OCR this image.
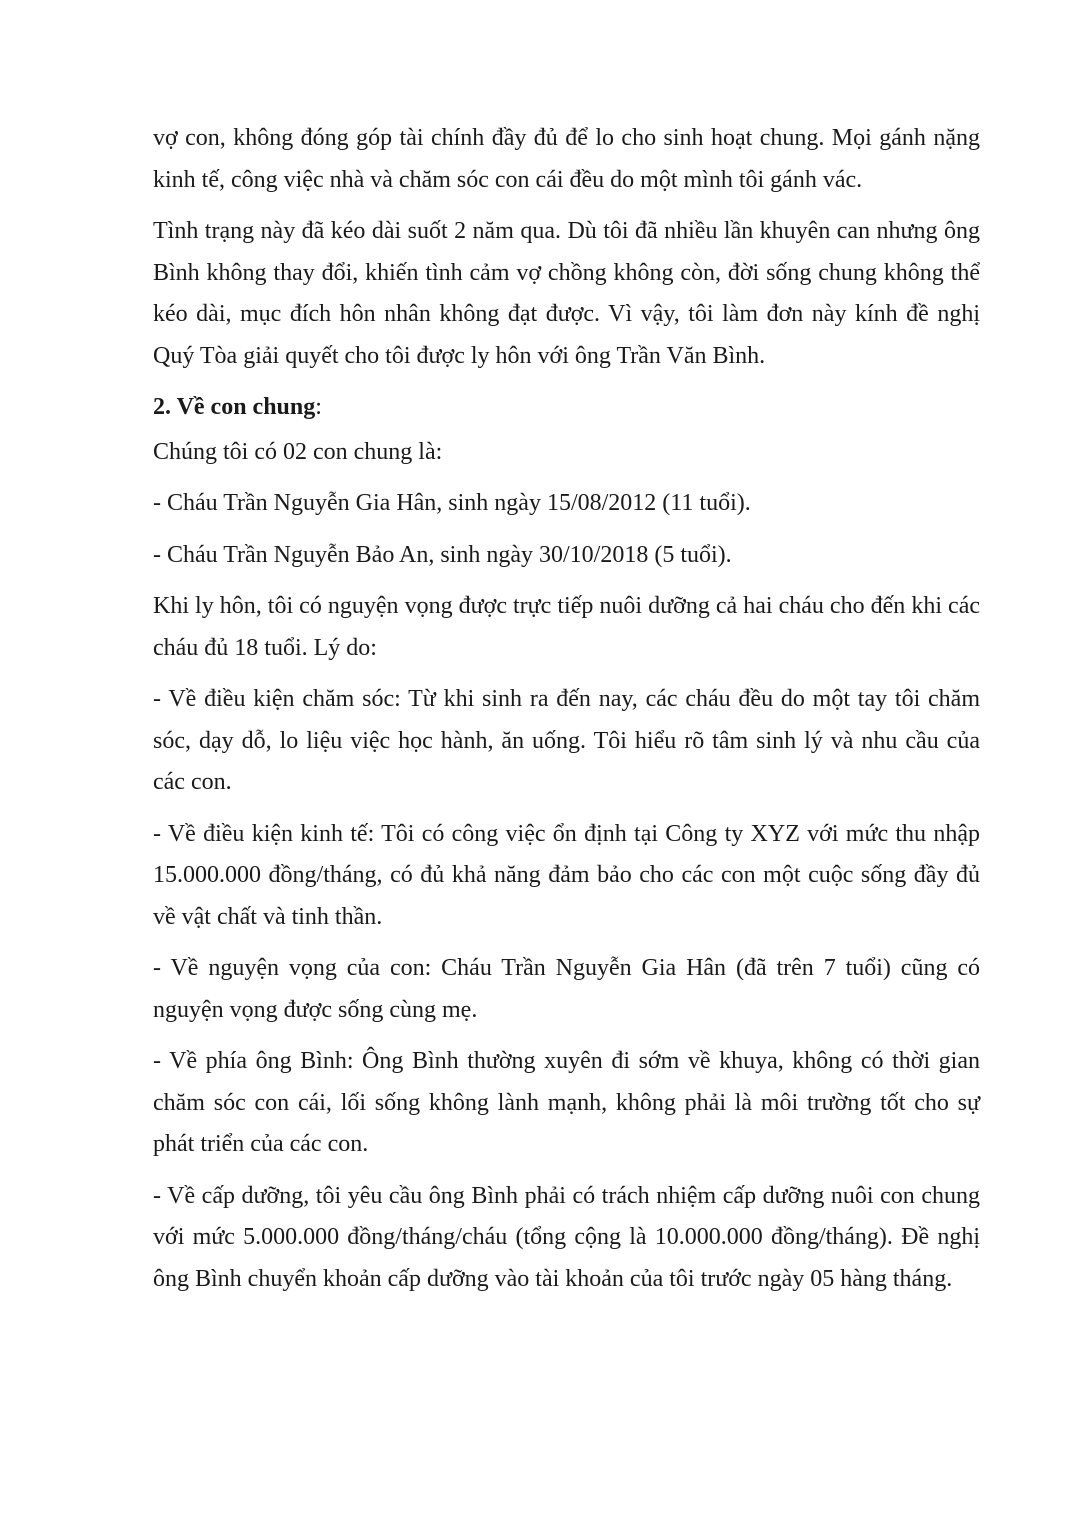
vợ con, không đóng góp tài chính đầy đủ để lo cho sinh hoạt chung. Mọi gánh nặng kinh tế, công việc nhà và chăm sóc con cái đều do một mình tôi gánh vác.

Tình trạng này đã kéo dài suốt 2 năm qua. Dù tôi đã nhiều lần khuyên can nhưng ông Bình không thay đổi, khiến tình cảm vợ chồng không còn, đời sống chung không thể kéo dài, mục đích hôn nhân không đạt được. Vì vậy, tôi làm đơn này kính đề nghị Quý Tòa giải quyết cho tôi được ly hôn với ông Trần Văn Bình.

2. Về con chung:

Chúng tôi có 02 con chung là:

- Cháu Trần Nguyễn Gia Hân, sinh ngày 15/08/2012 (11 tuổi).

- Cháu Trần Nguyễn Bảo An, sinh ngày 30/10/2018 (5 tuổi).

Khi ly hôn, tôi có nguyện vọng được trực tiếp nuôi dưỡng cả hai cháu cho đến khi các cháu đủ 18 tuổi. Lý do:

- Về điều kiện chăm sóc: Từ khi sinh ra đến nay, các cháu đều do một tay tôi chăm sóc, dạy dỗ, lo liệu việc học hành, ăn uống. Tôi hiểu rõ tâm sinh lý và nhu cầu của các con.

- Về điều kiện kinh tế: Tôi có công việc ổn định tại Công ty XYZ với mức thu nhập 15.000.000 đồng/tháng, có đủ khả năng đảm bảo cho các con một cuộc sống đầy đủ về vật chất và tinh thần.

- Về nguyện vọng của con: Cháu Trần Nguyễn Gia Hân (đã trên 7 tuổi) cũng có nguyện vọng được sống cùng mẹ.

- Về phía ông Bình: Ông Bình thường xuyên đi sớm về khuya, không có thời gian chăm sóc con cái, lối sống không lành mạnh, không phải là môi trường tốt cho sự phát triển của các con.

- Về cấp dưỡng, tôi yêu cầu ông Bình phải có trách nhiệm cấp dưỡng nuôi con chung với mức 5.000.000 đồng/tháng/cháu (tổng cộng là 10.000.000 đồng/tháng). Đề nghị ông Bình chuyển khoản cấp dưỡng vào tài khoản của tôi trước ngày 05 hàng tháng.
